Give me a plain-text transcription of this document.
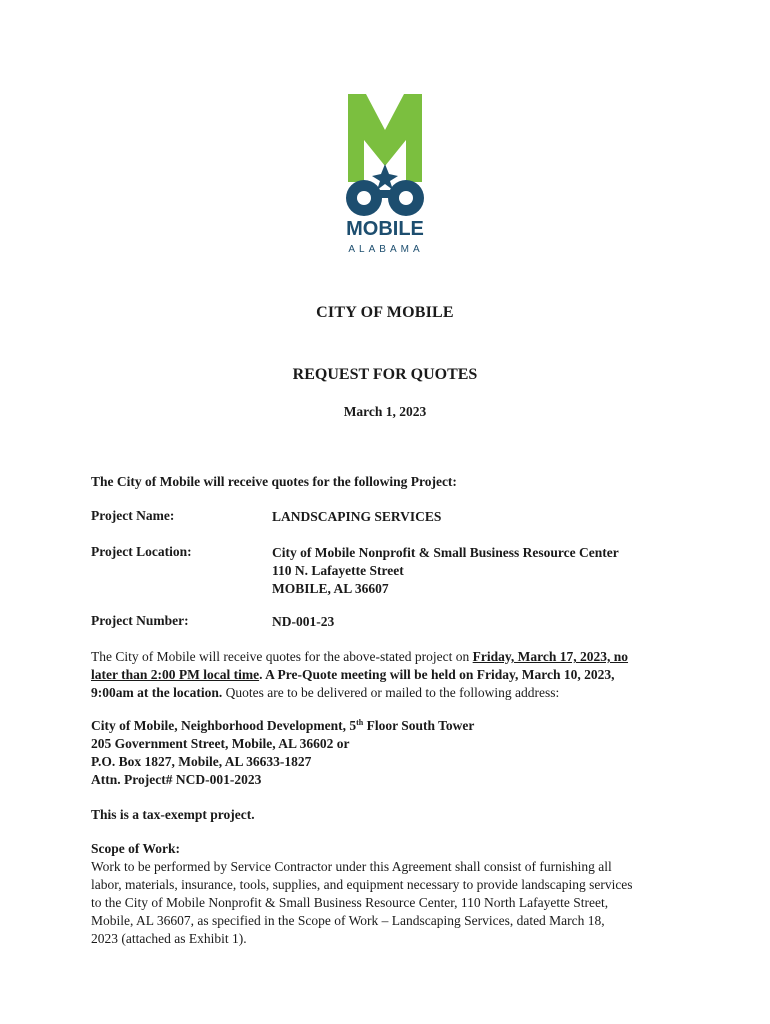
MOBILE
ALABAMA
CITY OF MOBILE
REQUEST FOR QUOTES
March 1, 2023
The City of Mobile will receive quotes for the following Project:
Project Name:	LANDSCAPING SERVICES
Project Location:	City of Mobile Nonprofit & Small Business Resource Center
110 N. Lafayette Street
MOBILE, AL 36607
Project Number:	ND-001-23
The City of Mobile will receive quotes for the above-stated project on Friday, March 17, 2023, no
later than 2:00 PM local time. A Pre-Quote meeting will be held on Friday, March 10, 2023,
9:00am at the location. Quotes are to be delivered or mailed to the following address:
City of Mobile, Neighborhood Development, 5th Floor South Tower
205 Government Street, Mobile, AL 36602 or
P.O. Box 1827, Mobile, AL 36633-1827
Attn. Project# NCD-001-2023
This is a tax-exempt project.
Scope of Work:
Work to be performed by Service Contractor under this Agreement shall consist of furnishing all
labor, materials, insurance, tools, supplies, and equipment necessary to provide landscaping services
to the City of Mobile Nonprofit & Small Business Resource Center, 110 North Lafayette Street,
Mobile, AL 36607, as specified in the Scope of Work – Landscaping Services, dated March 18,
2023 (attached as Exhibit 1).
